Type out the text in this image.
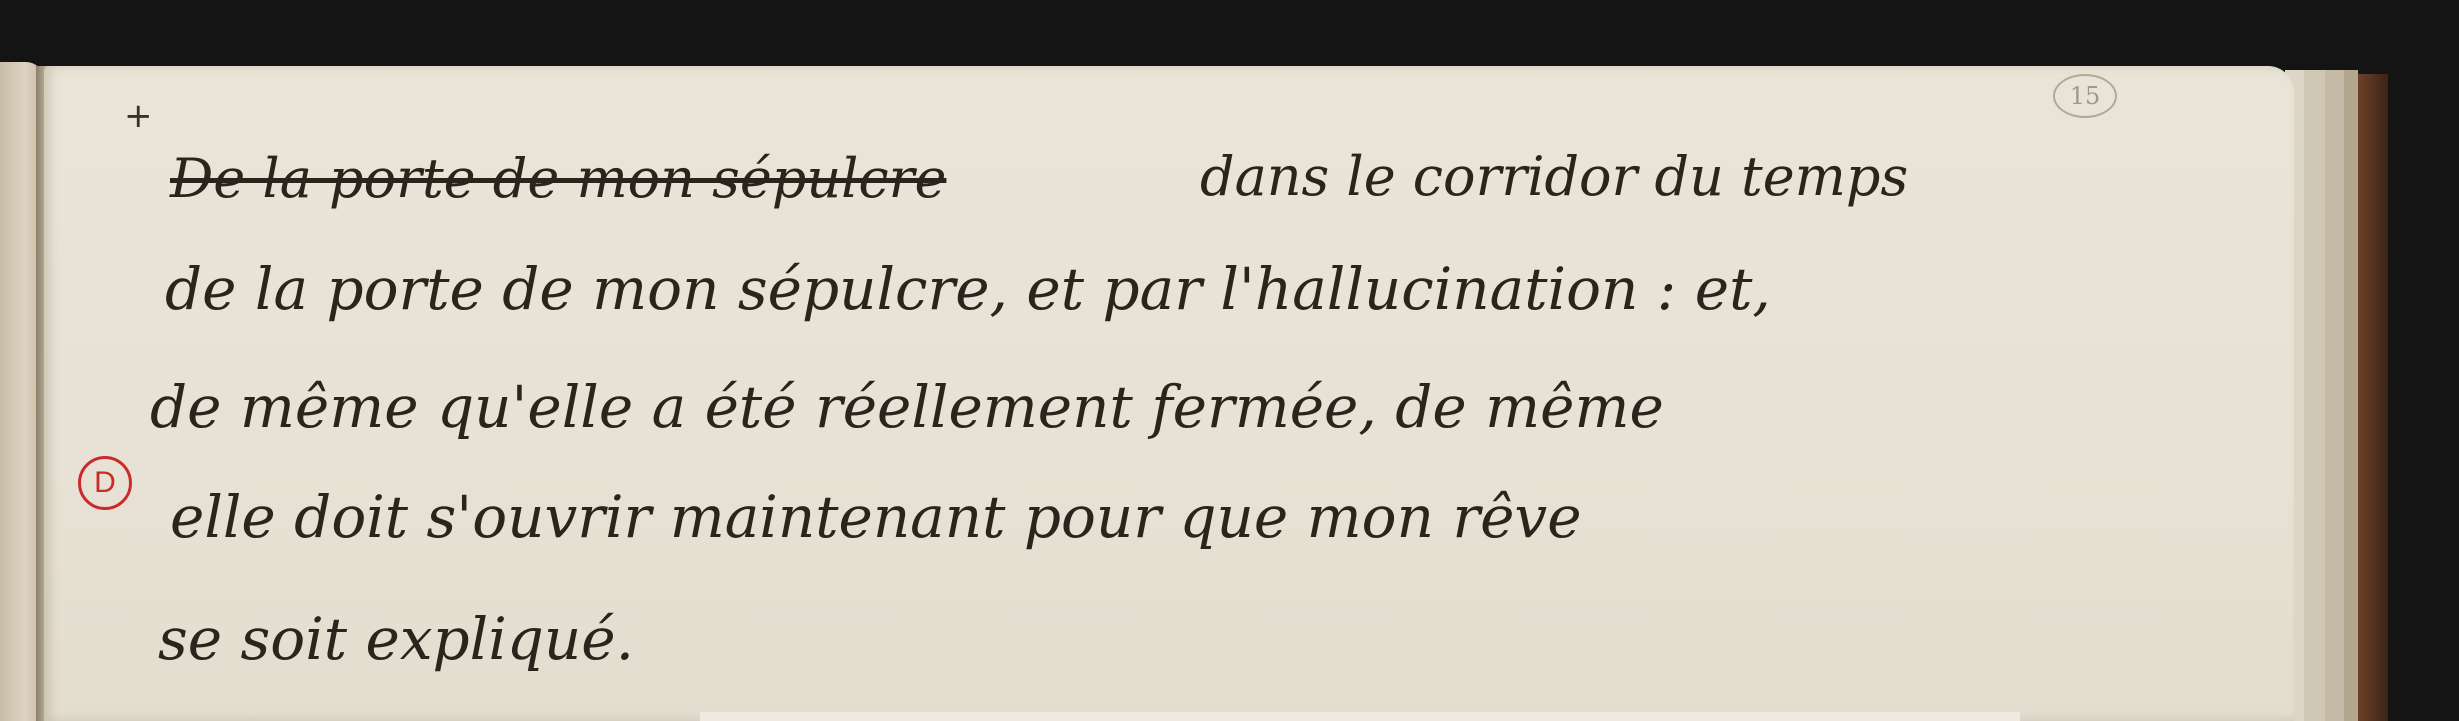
+	15
D
De la porte de mon sépulcre	dans le corridor du temps
de la porte de mon sépulcre, et par l'hallucination : et,
de même qu'elle a été réellement fermée, de même
elle doit s'ouvrir maintenant pour que mon rêve
se soit expliqué.
